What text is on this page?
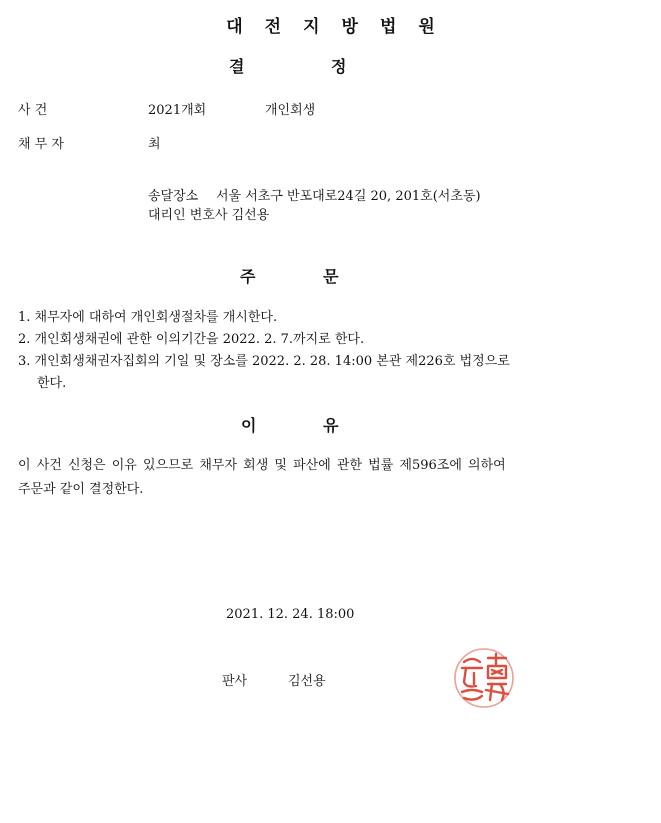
대 전 지 방 법 원
결	정
사 건	2021개회	개인회생
채 무 자	최
송달장소 서울 서초구 반포대로24길 20, 201호(서초동)
대리인 변호사 김선용
주	문
1. 채무자에 대하여 개인회생절차를 개시한다.
2. 개인회생채권에 관한 이의기간을 2022. 2. 7.까지로 한다.
3. 개인회생채권자집회의 기일 및 장소를 2022. 2. 28. 14:00 본관 제226호 법정으로
한다.
이	유
이 사건 신청은 이유 있으므로 채무자 회생 및 파산에 관한 법률 제596조에 의하여
주문과 같이 결정한다.
2021. 12. 24. 18:00
판사	김선용
